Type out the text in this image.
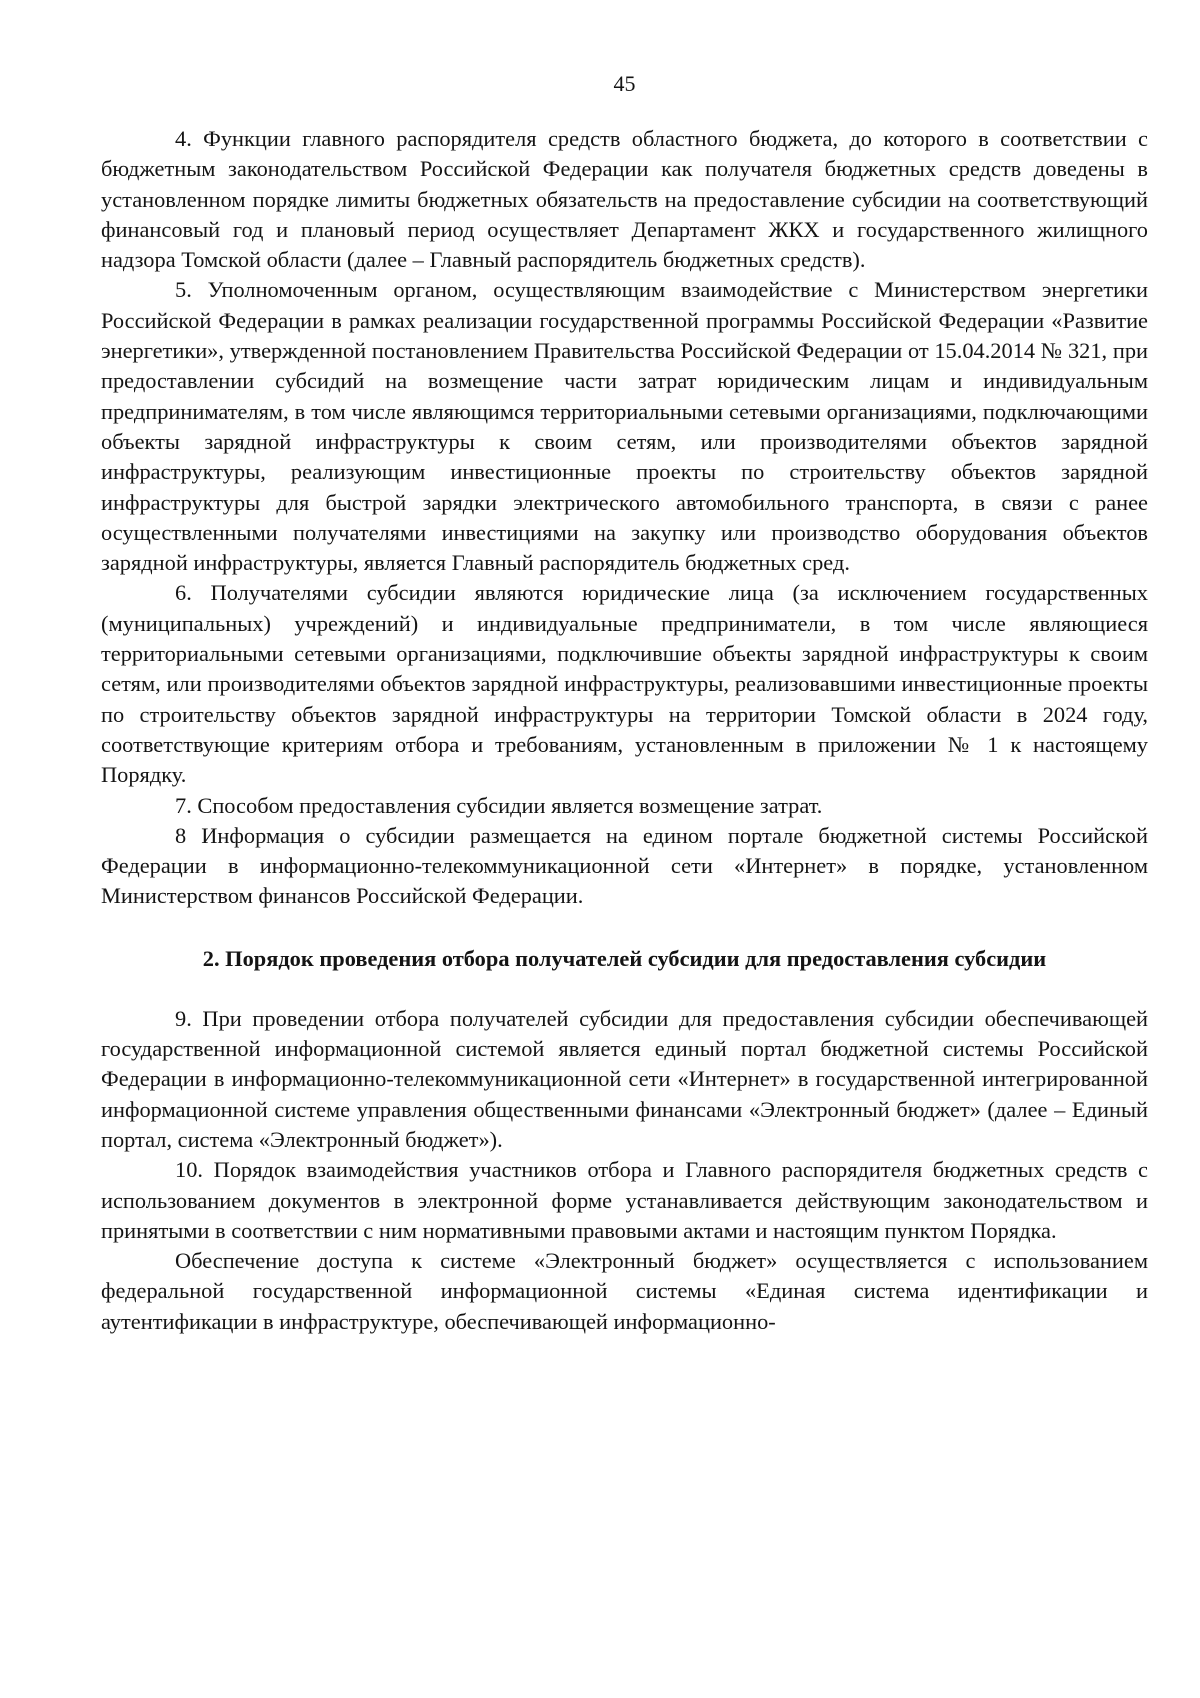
45

4. Функции главного распорядителя средств областного бюджета, до которого в соответствии с бюджетным законодательством Российской Федерации как получателя бюджетных средств доведены в установленном порядке лимиты бюджетных обязательств на предоставление субсидии на соответствующий финансовый год и плановый период осуществляет Департамент ЖКХ и государственного жилищного надзора Томской области (далее – Главный распорядитель бюджетных средств).

5. Уполномоченным органом, осуществляющим взаимодействие с Министерством энергетики Российской Федерации в рамках реализации государственной программы Российской Федерации «Развитие энергетики», утвержденной постановлением Правительства Российской Федерации от 15.04.2014 № 321, при предоставлении субсидий на возмещение части затрат юридическим лицам и индивидуальным предпринимателям, в том числе являющимся территориальными сетевыми организациями, подключающими объекты зарядной инфраструктуры к своим сетям, или производителями объектов зарядной инфраструктуры, реализующим инвестиционные проекты по строительству объектов зарядной инфраструктуры для быстрой зарядки электрического автомобильного транспорта, в связи с ранее осуществленными получателями инвестициями на закупку или производство оборудования объектов зарядной инфраструктуры, является Главный распорядитель бюджетных сред.

6. Получателями субсидии являются юридические лица (за исключением государственных (муниципальных) учреждений) и индивидуальные предприниматели, в том числе являющиеся территориальными сетевыми организациями, подключившие объекты зарядной инфраструктуры к своим сетям, или производителями объектов зарядной инфраструктуры, реализовавшими инвестиционные проекты по строительству объектов зарядной инфраструктуры на территории Томской области в 2024 году, соответствующие критериям отбора и требованиям, установленным в приложении № 1 к настоящему Порядку.

7. Способом предоставления субсидии является возмещение затрат.

8 Информация о субсидии размещается на едином портале бюджетной системы Российской Федерации в информационно-телекоммуникационной сети «Интернет» в порядке, установленном Министерством финансов Российской Федерации.

2. Порядок проведения отбора получателей субсидии для предоставления субсидии

9. При проведении отбора получателей субсидии для предоставления субсидии обеспечивающей государственной информационной системой является единый портал бюджетной системы Российской Федерации в информационно-телекоммуникационной сети «Интернет» в государственной интегрированной информационной системе управления общественными финансами «Электронный бюджет» (далее – Единый портал, система «Электронный бюджет»).

10. Порядок взаимодействия участников отбора и Главного распорядителя бюджетных средств с использованием документов в электронной форме устанавливается действующим законодательством и принятыми в соответствии с ним нормативными правовыми актами и настоящим пунктом Порядка.

Обеспечение доступа к системе «Электронный бюджет» осуществляется с использованием федеральной государственной информационной системы «Единая система идентификации и аутентификации в инфраструктуре, обеспечивающей информационно-
